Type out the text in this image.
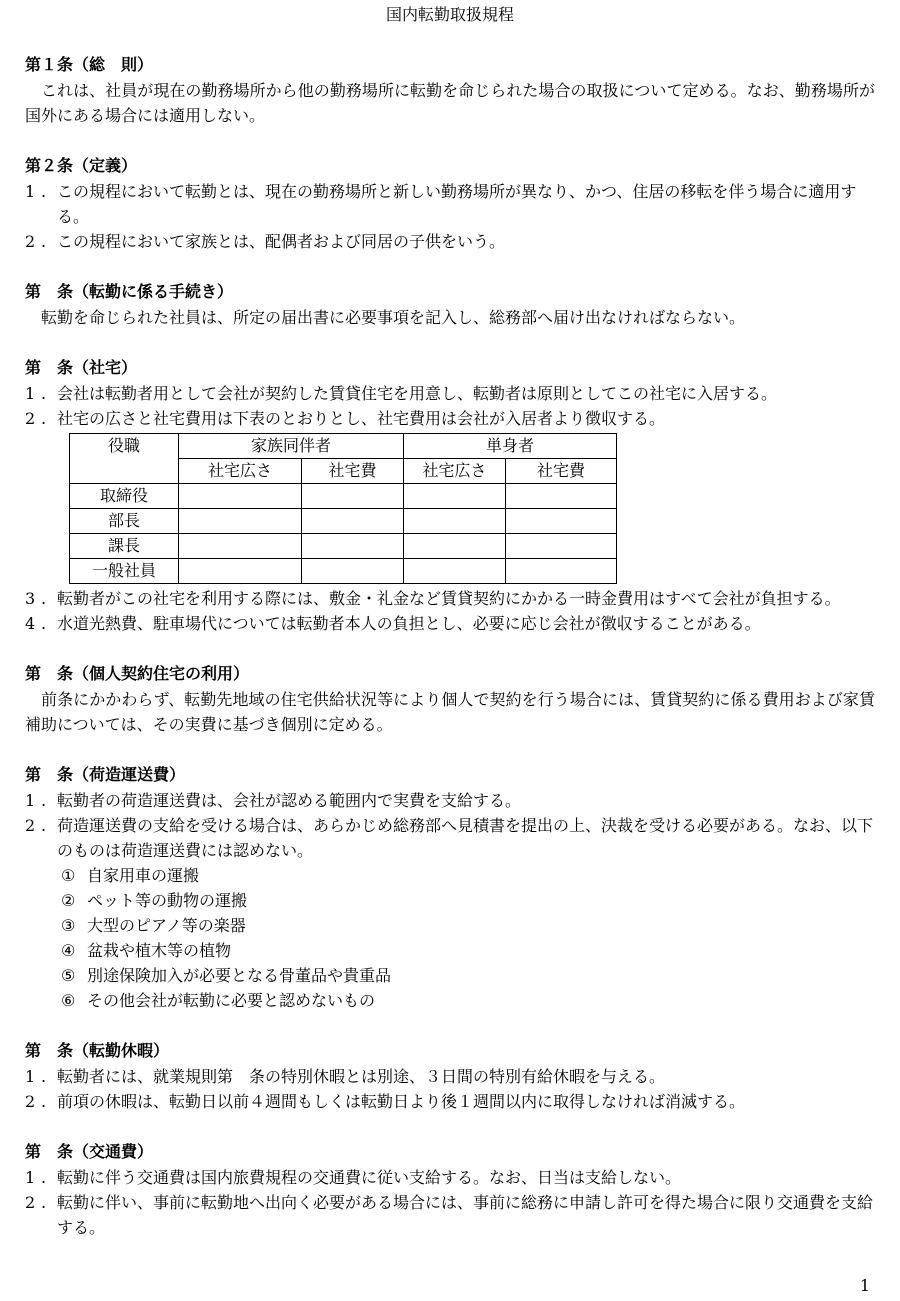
国内転勤取扱規程
第１条（総　則）
これは、社員が現在の勤務場所から他の勤務場所に転勤を命じられた場合の取扱について定める。なお、勤務場所が国外にある場合には適用しない。
第２条（定義）
1 . この規程において転勤とは、現在の勤務場所と新しい勤務場所が異なり、かつ、住居の移転を伴う場合に適用する。
2 . この規程において家族とは、配偶者および同居の子供をいう。
第　条（転勤に係る手続き）
転勤を命じられた社員は、所定の届出書に必要事項を記入し、総務部へ届け出なければならない。
第　条（社宅）
1 . 会社は転勤者用として会社が契約した賃貸住宅を用意し、転勤者は原則としてこの社宅に入居する。
2 . 社宅の広さと社宅費用は下表のとおりとし、社宅費用は会社が入居者より徴収する。
役職	家族同伴者		単身者	
	社宅広さ	社宅費	社宅広さ	社宅費
取締役				
部長				
課長				
一般社員				
3 . 転勤者がこの社宅を利用する際には、敷金・礼金など賃貸契約にかかる一時金費用はすべて会社が負担する。
4 . 水道光熱費、駐車場代については転勤者本人の負担とし、必要に応じ会社が徴収することがある。
第　条（個人契約住宅の利用）
前条にかかわらず、転勤先地域の住宅供給状況等により個人で契約を行う場合には、賃貸契約に係る費用および家賃補助については、その実費に基づき個別に定める。
第　条（荷造運送費）
1 . 転勤者の荷造運送費は、会社が認める範囲内で実費を支給する。
2 . 荷造運送費の支給を受ける場合は、あらかじめ総務部へ見積書を提出の上、決裁を受ける必要がある。なお、以下のものは荷造運送費には認めない。
① 自家用車の運搬
② ペット等の動物の運搬
③ 大型のピアノ等の楽器
④ 盆栽や植木等の植物
⑤ 別途保険加入が必要となる骨董品や貴重品
⑥ その他会社が転勤に必要と認めないもの
第　条（転勤休暇）
1 . 転勤者には、就業規則第　条の特別休暇とは別途、３日間の特別有給休暇を与える。
2 . 前項の休暇は、転勤日以前４週間もしくは転勤日より後１週間以内に取得しなければ消滅する。
第　条（交通費）
1 . 転勤に伴う交通費は国内旅費規程の交通費に従い支給する。なお、日当は支給しない。
2 . 転勤に伴い、事前に転勤地へ出向く必要がある場合には、事前に総務に申請し許可を得た場合に限り交通費を支給する。
1
